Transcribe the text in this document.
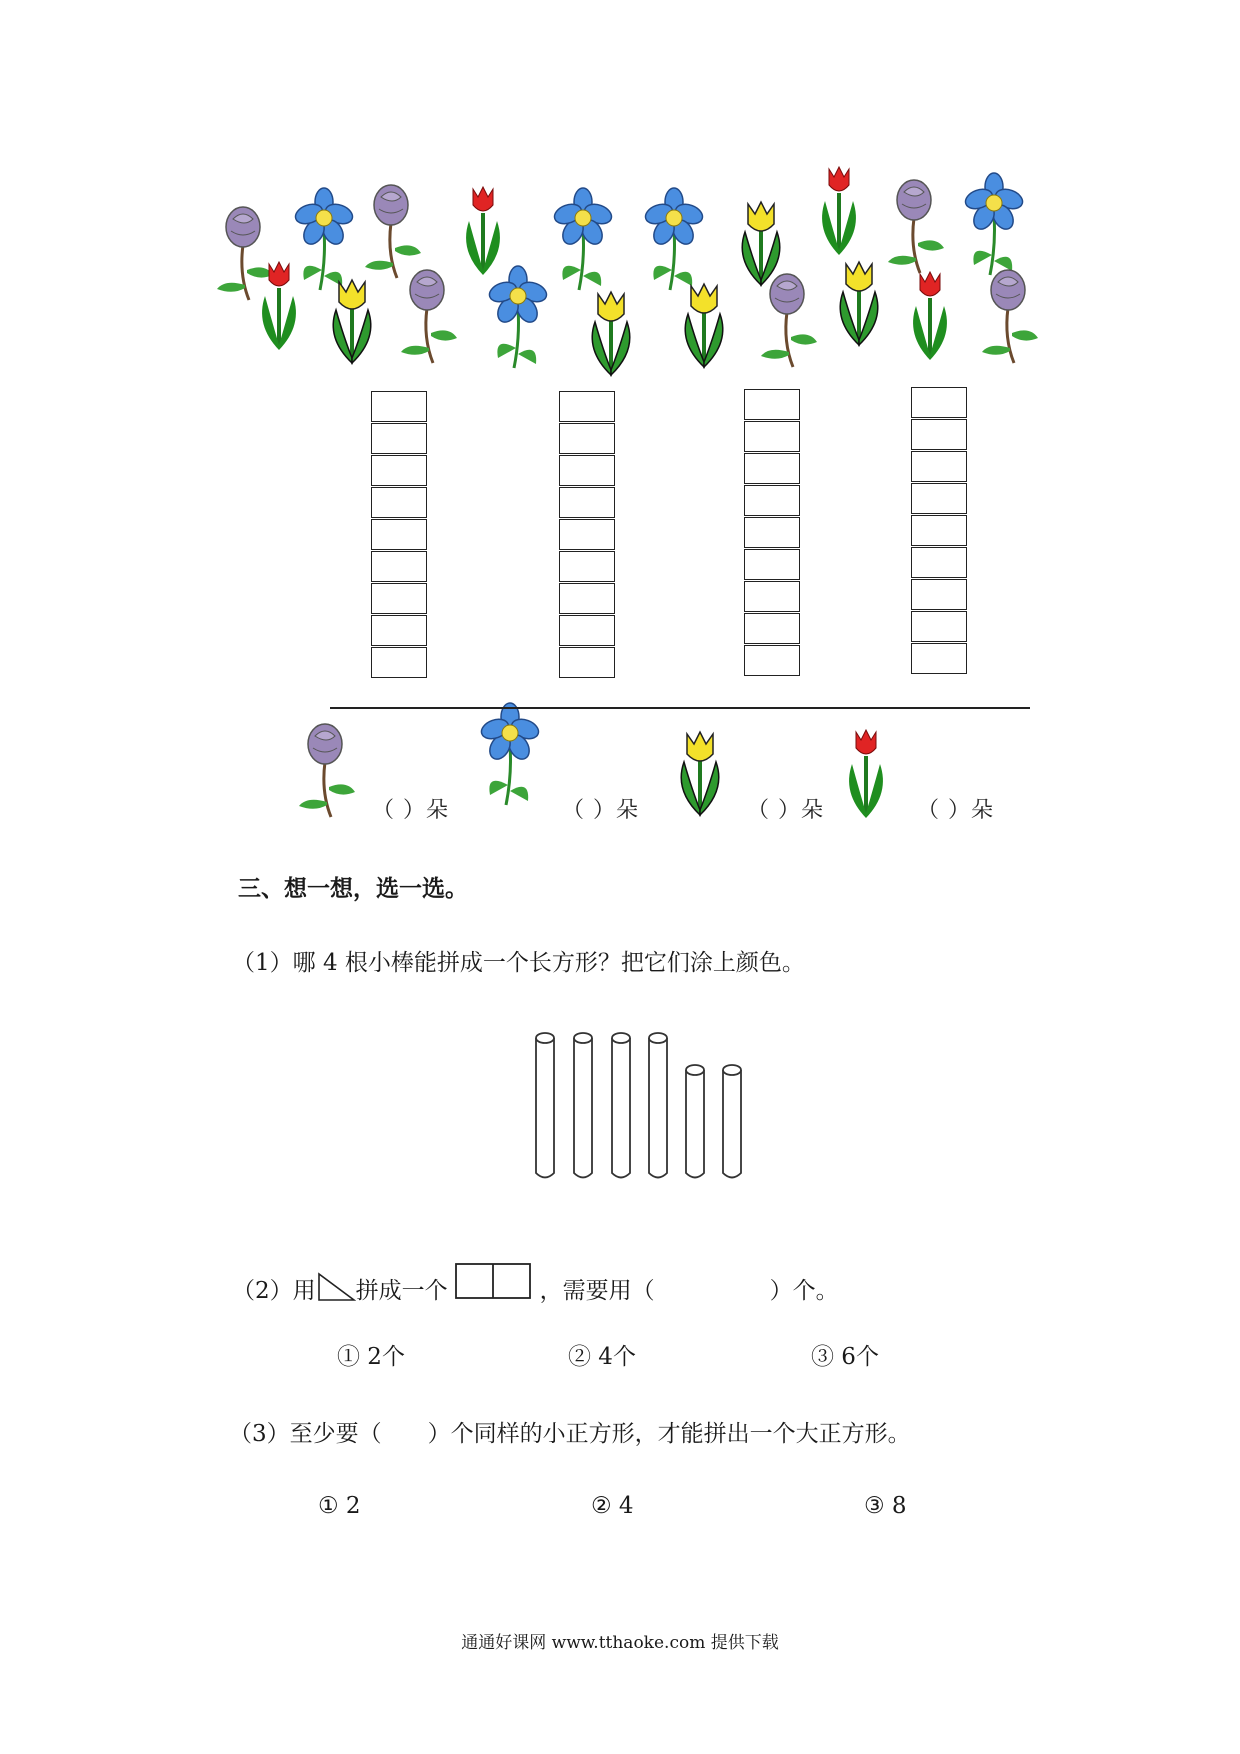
（ ）朵	（ ）朵	（ ）朵	（ ）朵
三、想一想，选一选。
（1）哪 4 根小棒能拼成一个长方形？把它们涂上颜色。
（2）用 拼成一个	，需要用（　　　　　）个。
① 2个	② 4个	③ 6个
（3）至少要（　　）个同样的小正方形，才能拼出一个大正方形。
① 2	② 4	③ 8
通通好课网 www.tthaoke.com 提供下载
